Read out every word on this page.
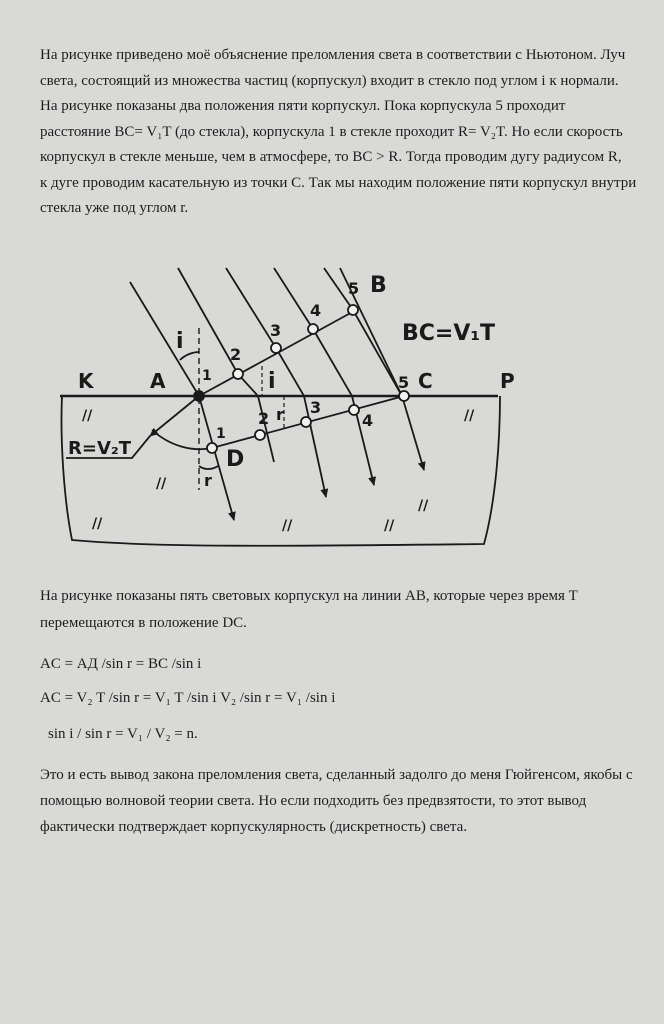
На рисунке приведено моё объяснение преломления света в соответствии с Ньютоном. Луч
света, состоящий из множества частиц (корпускул) входит в стекло под углом i к нормали.
На рисунке показаны два положения пяти корпускул. Пока корпускула 5 проходит
расстояние BC= V₁T (до стекла), корпускула 1 в стекле проходит R= V₂T. Но если скорость
корпускул в стекле меньше, чем в атмосфере, то BC > R. Тогда проводим дугу радиусом R,
к дуге проводим касательную из точки С. Так мы находим положение пяти корпускул внутри
стекла уже под углом r.

K	A	C	P
B
D
i
i
r
r
BC=V₁T
R=V₂T
1
2
3
4
5
1
2
3
4
5
//
//
//	//	//
//
//

На рисунке показаны пять световых корпускул на линии АВ, которые через время Т
перемещаются в положение DC.

AC = АД /sin r = BC /sin i
AC = V₂ T /sin r = V₁ T /sin i V₂ /sin r = V₁ /sin i
sin i / sin r = V₁ / V₂ = n.

Это и есть вывод закона преломления света, сделанный задолго до меня Гюйгенсом, якобы с
помощью волновой теории света. Но если подходить без предвзятости, то этот вывод
фактически подтверждает корпускулярность (дискретность) света.
